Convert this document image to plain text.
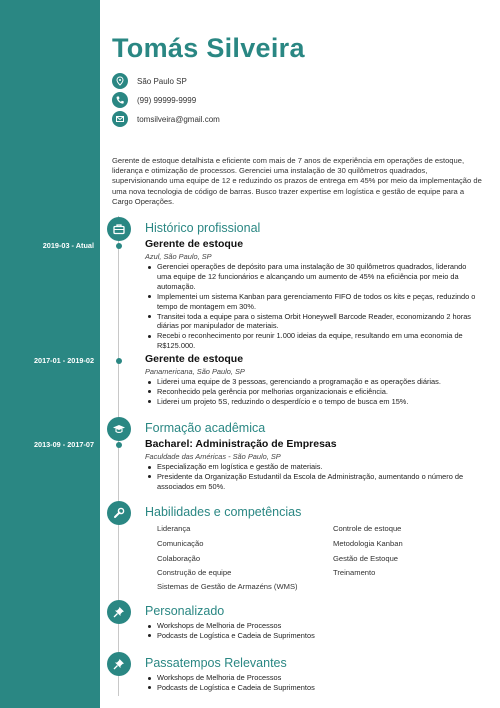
Tomás Silveira
São Paulo SP
(99) 99999-9999
tomsilveira@gmail.com
Gerente de estoque detalhista e eficiente com mais de 7 anos de experiência em operações de estoque, liderança e otimização de processos. Gerenciei uma instalação de 30 quilômetros quadrados, supervisionando uma equipe de 12 e reduzindo os prazos de entrega em 45% por meio da implementação de uma nova tecnologia de código de barras. Busco trazer expertise em logística e gestão de equipe para a Cargo Operações.
Histórico profissional
2019-03 - Atual	Gerente de estoque
Azul, São Paulo, SP
Gerenciei operações de depósito para uma instalação de 30 quilômetros quadrados, liderando uma equipe de 12 funcionários e alcançando um aumento de 45% na eficiência por meio da automação.
Implementei um sistema Kanban para gerenciamento FIFO de todos os kits e peças, reduzindo o tempo de montagem em 30%.
Transitei toda a equipe para o sistema Orbit Honeywell Barcode Reader, economizando 2 horas diárias por manipulador de materiais.
Recebi o reconhecimento por reunir 1.000 ideias da equipe, resultando em uma economia de R$125.000.
2017-01 - 2019-02	Gerente de estoque
Panamericana, São Paulo, SP
Liderei uma equipe de 3 pessoas, gerenciando a programação e as operações diárias.
Reconhecido pela gerência por melhorias organizacionais e eficiência.
Liderei um projeto 5S, reduzindo o desperdício e o tempo de busca em 15%.
Formação acadêmica
2013-09 - 2017-07	Bacharel: Administração de Empresas
Faculdade das Américas - São Paulo, SP
Especialização em logística e gestão de materiais.
Presidente da Organização Estudantil da Escola de Administração, aumentando o número de associados em 50%.
Habilidades e competências
Liderança
Comunicação
Colaboração
Construção de equipe
Sistemas de Gestão de Armazéns (WMS)
Controle de estoque
Metodologia Kanban
Gestão de Estoque
Treinamento
Personalizado
Workshops de Melhoria de Processos
Podcasts de Logística e Cadeia de Suprimentos
Passatempos Relevantes
Workshops de Melhoria de Processos
Podcasts de Logística e Cadeia de Suprimentos
